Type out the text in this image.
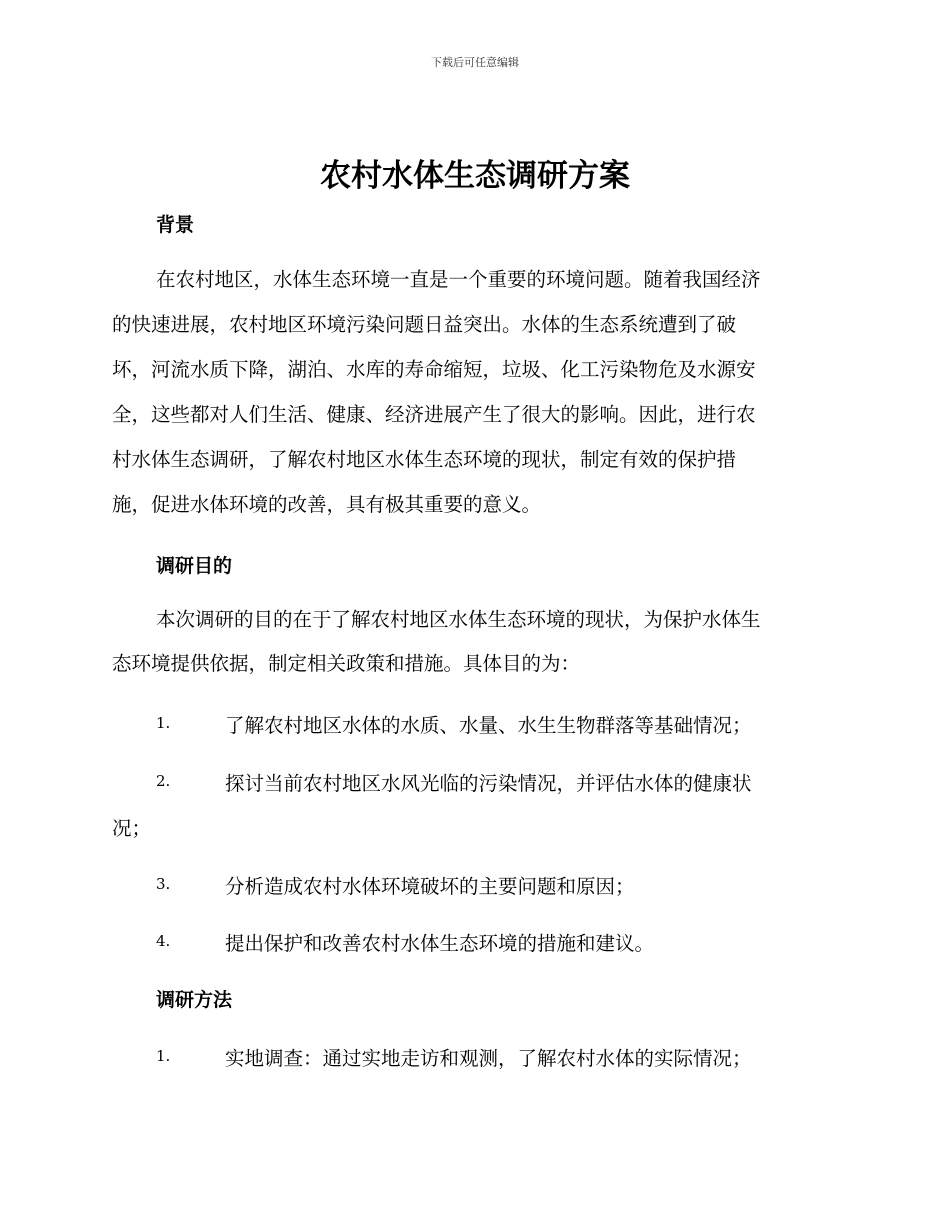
下载后可任意编辑
农村水体生态调研方案
背景
在农村地区，水体生态环境一直是一个重要的环境问题。随着我国经济
的快速进展，农村地区环境污染问题日益突出。水体的生态系统遭到了破
坏，河流水质下降，湖泊、水库的寿命缩短，垃圾、化工污染物危及水源安
全，这些都对人们生活、健康、经济进展产生了很大的影响。因此，进行农
村水体生态调研，了解农村地区水体生态环境的现状，制定有效的保护措
施，促进水体环境的改善，具有极其重要的意义。
调研目的
本次调研的目的在于了解农村地区水体生态环境的现状，为保护水体生
态环境提供依据，制定相关政策和措施。具体目的为：
1.	了解农村地区水体的水质、水量、水生生物群落等基础情况；
2.	探讨当前农村地区水风光临的污染情况，并评估水体的健康状
况；
3.	分析造成农村水体环境破坏的主要问题和原因；
4.	提出保护和改善农村水体生态环境的措施和建议。
调研方法
1.	实地调查：通过实地走访和观测，了解农村水体的实际情况；
